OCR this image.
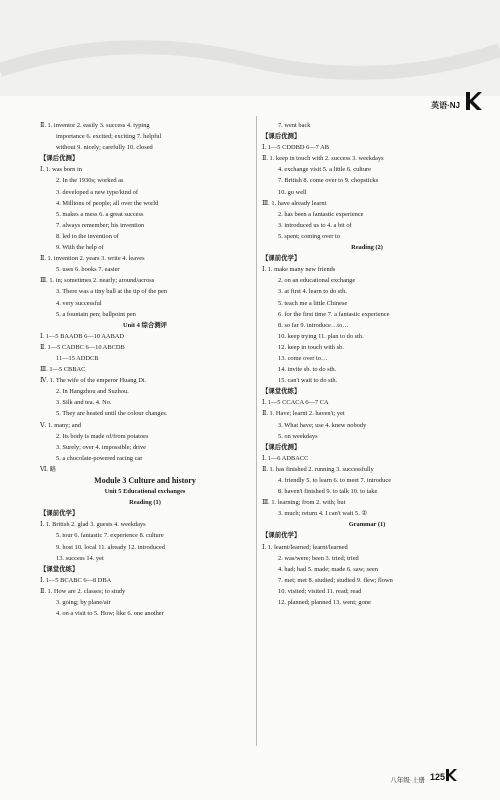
英语·NJ
Ⅱ. 1. inventor 2. easily 3. success 4. typing
importance 6. excited; exciting 7. helpful
without 9. nicely; carefully 10. closed
【课后优测】
Ⅰ. 1. was born in
2. In the 1930s; worked as
3. developed a new type/kind of
4. Millions of people; all over the world
5. makes a mess 6. a great success
7. always remember; his invention
8. led to the invention of
9. With the help of
Ⅱ. 1. invention 2. years 3. write 4. leaves
5. uses 6. books 7. easier
Ⅲ. 1. in; sometimes 2. nearly; around/across
3. There was a tiny ball at the tip of the pen
4. very successful
5. a fountain pen; ballpoint pen
Unit 4 综合测评
Ⅰ. 1—5 BAADB 6—10 AABAD
Ⅱ. 1—5 CADBC 6—10 ABCDB
11—15 ADDCB
Ⅲ. 1—5 CBBAC
Ⅳ. 1. The wife of the emperor Huang Di.
2. In Hangzhou and Suzhou.
3. Silk and tea. 4. No.
5. They are heated until the colour changes.
Ⅴ. 1. many; and
2. Its body is made of/from potatoes
3. Surely; over 4. impossible; drive
5. a chocolate-powered racing car
Ⅵ. 略
Module 3 Culture and history
Unit 5 Educational exchanges
Reading (1)
【课前优学】
Ⅰ. 1. British 2. glad 3. guests 4. weekdays
5. tour 6. fantastic 7. experience 8. culture
9. host 10. local 11. already 12. introduced
13. success 14. yet
【课堂优练】
Ⅰ. 1—5 BCABC 6—8 DBA
Ⅱ. 1. How are 2. classes; to study
3. going; by plane/air
4. on a visit to 5. How; like 6. one another
7. went back
【课后优测】
Ⅰ. 1—5 CDDBD 6—7 AB
Ⅱ. 1. keep in touch with 2. success 3. weekdays
4. exchange visit 5. a little 6. culture
7. British 8. come over to 9. chopsticks
10. go well
Ⅲ. 1. have already learnt
2. has been a fantastic experience
3. introduced us to 4. a bit of
5. spent; coming over to
Reading (2)
【课前优学】
Ⅰ. 1. make many new friends
2. on an educational exchange
3. at first 4. learn to do sth.
5. teach me a little Chinese
6. for the first time 7. a fantastic experience
8. so far 9. introduce…to…
10. keep trying 11. plan to do sth.
12. keep in touch with sb.
13. come over to…
14. invite sb. to do sth.
15. can't wait to do sth.
【课堂优练】
Ⅰ. 1—5 CCACA 6—7 CA
Ⅱ. 1. Have; learnt 2. haven't; yet
3. What have; use 4. knew nobody
5. on weekdays
【课后优测】
Ⅰ. 1—6 ADBACC
Ⅱ. 1. has finished 2. running 3. successfully
4. friendly 5. to learn 6. to meet 7. introduce
8. haven't finished 9. to talk 10. to take
Ⅲ. 1. learning; from 2. with; but
3. much; return 4. I can't wait 5. ②
Grammar (1)
【课前优学】
Ⅰ. 1. learnt/learned; learnt/learned
2. was/were; been 3. tried; tried
4. had; had 5. made; made 6. saw; seen
7. met; met 8. studied; studied 9. flew; flown
10. visited; visited 11. read; read
12. planned; planned 13. went; gone
八年级·上册 125
